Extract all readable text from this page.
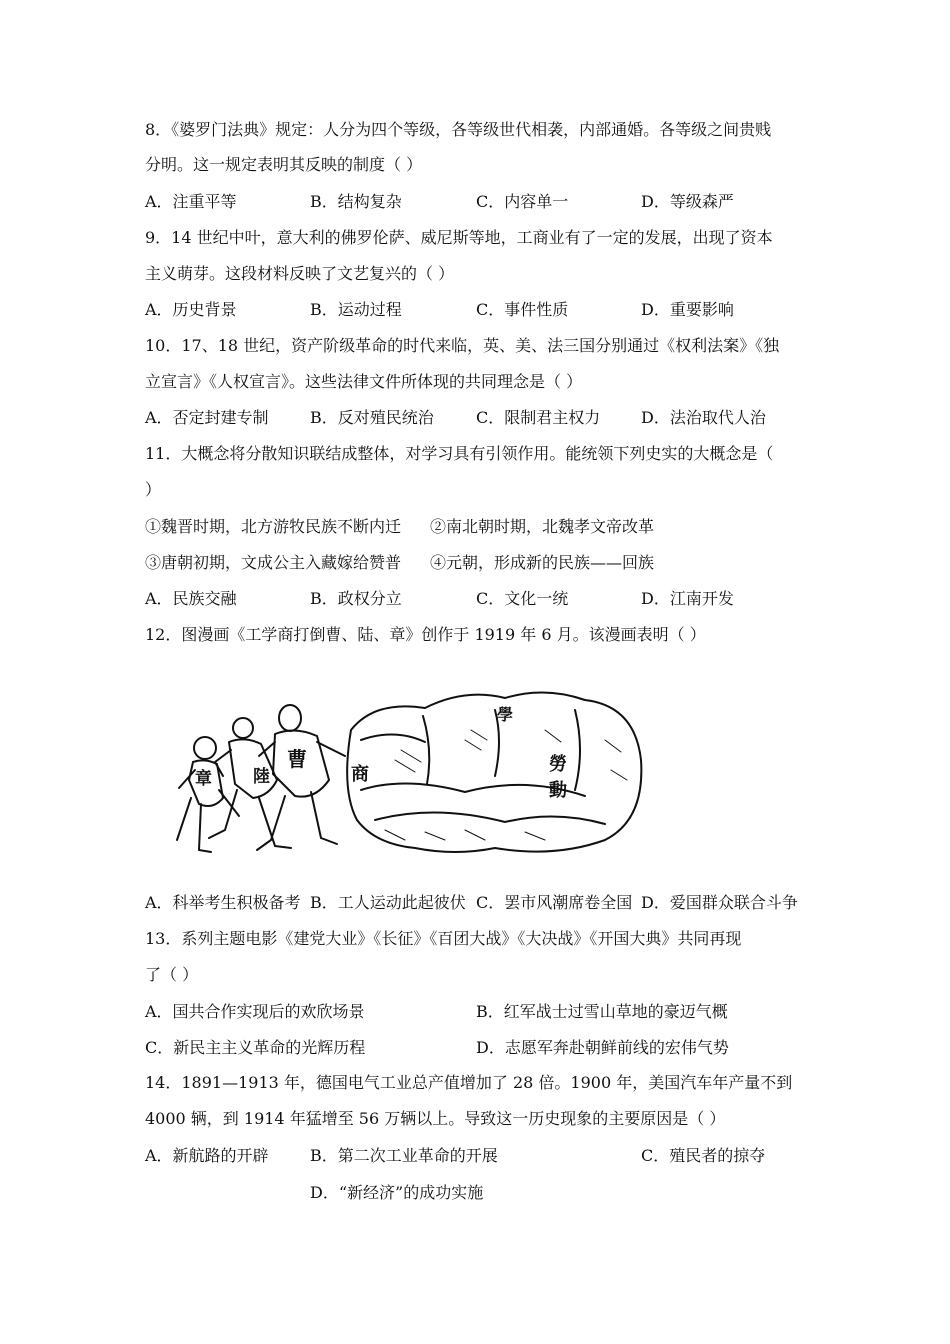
8．《婆罗门法典》规定：人分为四个等级，各等级世代相袭，内部通婚。各等级之间贵贱
分明。这一规定表明其反映的制度（ ）
A．注重平等	B．结构复杂	C．内容单一	D．等级森严
9．14 世纪中叶，意大利的佛罗伦萨、威尼斯等地，工商业有了一定的发展，出现了资本
主义萌芽。这段材料反映了文艺复兴的（ ）
A．历史背景	B．运动过程	C．事件性质	D．重要影响
10．17、18 世纪，资产阶级革命的时代来临，英、美、法三国分别通过《权利法案》《独
立宣言》《人权宣言》。这些法律文件所体现的共同理念是（ ）
A．否定封建专制	B．反对殖民统治	C．限制君主权力	D．法治取代人治
11．大概念将分散知识联结成整体，对学习具有引领作用。能统领下列史实的大概念是（
）
①魏晋时期，北方游牧民族不断内迁 ②南北朝时期，北魏孝文帝改革
③唐朝初期，文成公主入藏嫁给赞普 ④元朝，形成新的民族——回族
A．民族交融	B．政权分立	C．文化一统	D．江南开发
12．图漫画《工学商打倒曹、陆、章》创作于 1919 年 6 月。该漫画表明（ ）
章 陸
曹
商
學
勞
動
A．科举考生积极备考 B．工人运动此起彼伏 C．罢市风潮席卷全国 D．爱国群众联合斗争
13．系列主题电影《建党大业》《长征》《百团大战》《大决战》《开国大典》共同再现
了（ ）
A．国共合作实现后的欢欣场景	B．红军战士过雪山草地的豪迈气概
C．新民主主义革命的光辉历程	D．志愿军奔赴朝鲜前线的宏伟气势
14．1891—1913 年，德国电气工业总产值增加了 28 倍。1900 年，美国汽车年产量不到
4000 辆，到 1914 年猛增至 56 万辆以上。导致这一历史现象的主要原因是（ ）
A．新航路的开辟	B．第二次工业革命的开展	C．殖民者的掠夺
D．“新经济”的成功实施
